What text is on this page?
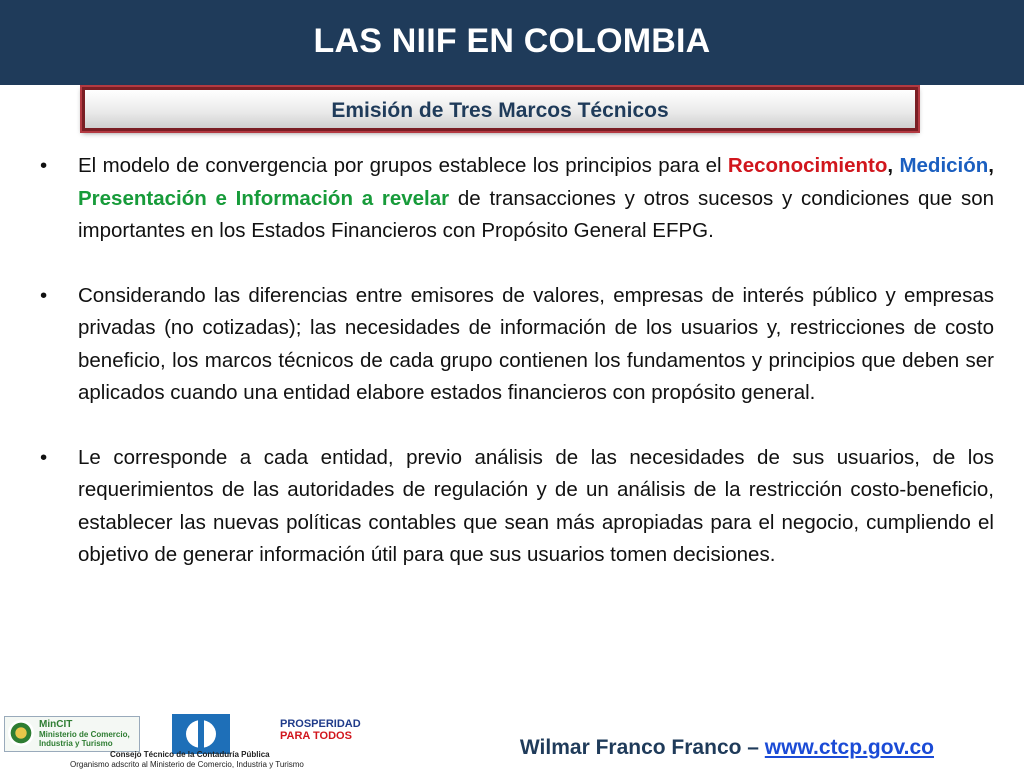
LAS NIIF EN COLOMBIA
Emisión de Tres Marcos Técnicos
• El modelo de convergencia por grupos establece los principios para el Reconocimiento, Medición, Presentación e Información a revelar de transacciones y otros sucesos y condiciones que son importantes en los Estados Financieros con Propósito General EFPG.
• Considerando las diferencias entre emisores de valores, empresas de interés público y empresas privadas (no cotizadas); las necesidades de información de los usuarios y, restricciones de costo beneficio, los marcos técnicos de cada grupo contienen los fundamentos y principios que deben ser aplicados cuando una entidad elabore estados financieros con propósito general.
• Le corresponde a cada entidad, previo análisis de las necesidades de sus usuarios, de los requerimientos de las autoridades de regulación y de un análisis de la restricción costo-beneficio, establecer las nuevas políticas contables que sean más apropiadas para el negocio, cumpliendo el objetivo de generar información útil para que sus usuarios tomen decisiones.
MinCIT
Ministerio de Comercio, Industria y Turismo
PROSPERIDAD
PARA TODOS
Consejo Técnico de la Contaduría Pública
Organismo adscrito al Ministerio de Comercio, Industria y Turismo
Wilmar Franco Franco – www.ctcp.gov.co
